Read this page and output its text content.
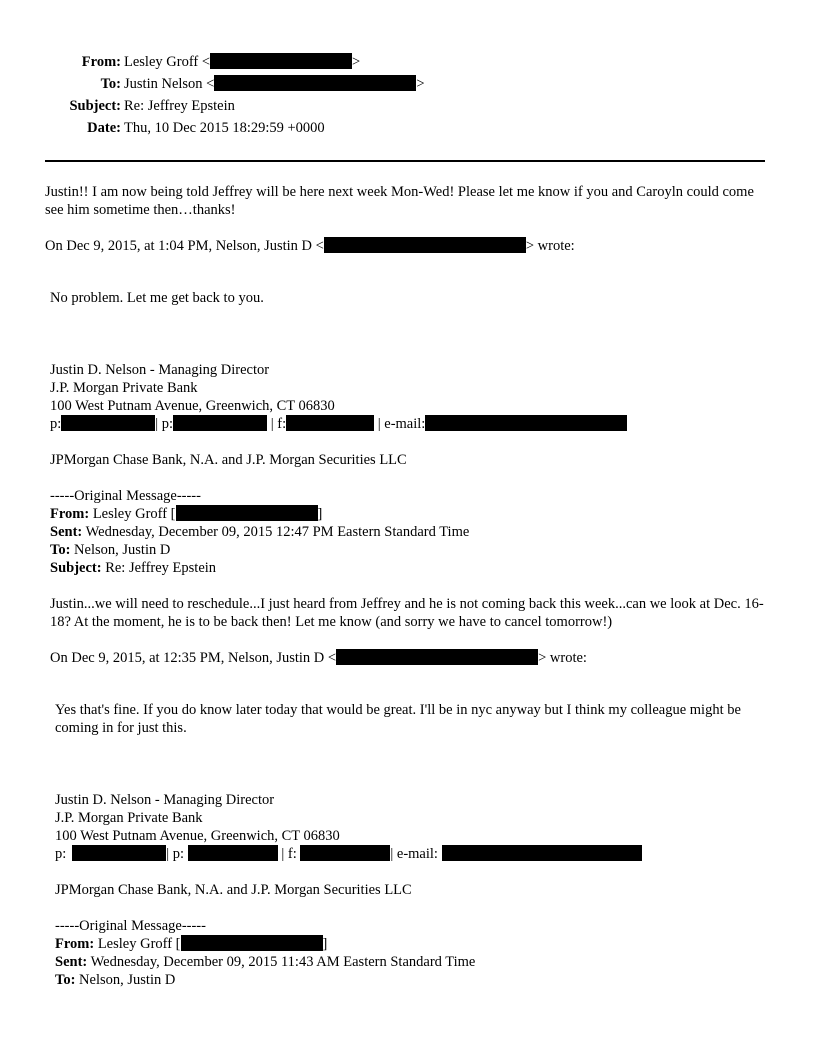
From: Lesley Groff <	>
To: Justin Nelson <	>
Subject: Re: Jeffrey Epstein
Date: Thu, 10 Dec 2015 18:29:59 +0000
Justin!! I am now being told Jeffrey will be here next week Mon-Wed! Please let me know if you and Caroyln could come see him sometime then…thanks!
On Dec 9, 2015, at 1:04 PM, Nelson, Justin D <	> wrote:
No problem. Let me get back to you.
Justin D. Nelson - Managing Director
J.P. Morgan Private Bank
100 West Putnam Avenue, Greenwich, CT 06830
p:	| p:	| f:	| e-mail:
JPMorgan Chase Bank, N.A. and J.P. Morgan Securities LLC
-----Original Message-----
From: Lesley Groff [	]
Sent: Wednesday, December 09, 2015 12:47 PM Eastern Standard Time
To: Nelson, Justin D
Subject: Re: Jeffrey Epstein
Justin...we will need to reschedule...I just heard from Jeffrey and he is not coming back this week...can we look at Dec. 16-18? At the moment, he is to be back then! Let me know (and sorry we have to cancel tomorrow!)
On Dec 9, 2015, at 12:35 PM, Nelson, Justin D <	> wrote:
Yes that's fine. If you do know later today that would be great. I'll be in nyc anyway but I think my colleague might be coming in for just this.
Justin D. Nelson - Managing Director
J.P. Morgan Private Bank
100 West Putnam Avenue, Greenwich, CT 06830
p:	| p:	| f:	| e-mail:
JPMorgan Chase Bank, N.A. and J.P. Morgan Securities LLC
-----Original Message-----
From: Lesley Groff [	]
Sent: Wednesday, December 09, 2015 11:43 AM Eastern Standard Time
To: Nelson, Justin D
